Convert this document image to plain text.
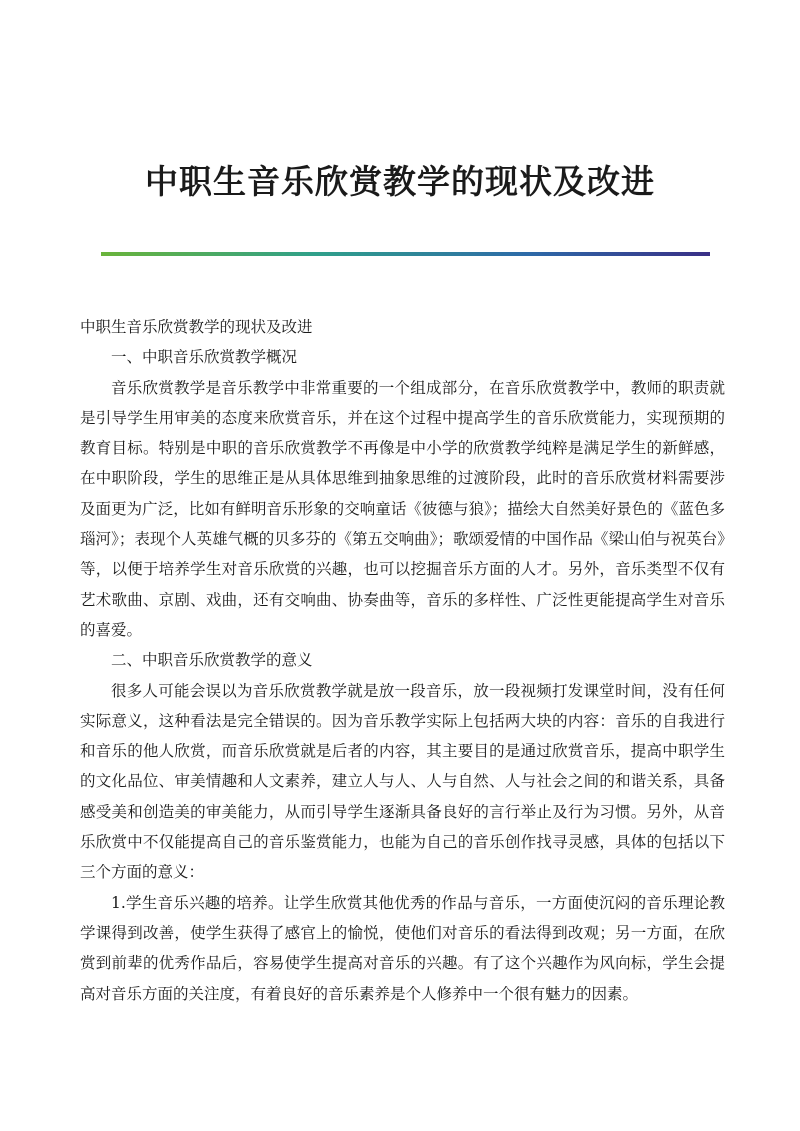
中职生音乐欣赏教学的现状及改进

中职生音乐欣赏教学的现状及改进

一、中职音乐欣赏教学概况

音乐欣赏教学是音乐教学中非常重要的一个组成部分，在音乐欣赏教学中，教师的职责就是引导学生用审美的态度来欣赏音乐，并在这个过程中提高学生的音乐欣赏能力，实现预期的教育目标。特别是中职的音乐欣赏教学不再像是中小学的欣赏教学纯粹是满足学生的新鲜感，在中职阶段，学生的思维正是从具体思维到抽象思维的过渡阶段，此时的音乐欣赏材料需要涉及面更为广泛，比如有鲜明音乐形象的交响童话《彼德与狼》；描绘大自然美好景色的《蓝色多瑙河》；表现个人英雄气概的贝多芬的《第五交响曲》；歌颂爱情的中国作品《梁山伯与祝英台》等，以便于培养学生对音乐欣赏的兴趣，也可以挖掘音乐方面的人才。另外，音乐类型不仅有艺术歌曲、京剧、戏曲，还有交响曲、协奏曲等，音乐的多样性、广泛性更能提高学生对音乐的喜爱。

二、中职音乐欣赏教学的意义

很多人可能会误以为音乐欣赏教学就是放一段音乐，放一段视频打发课堂时间，没有任何实际意义，这种看法是完全错误的。因为音乐教学实际上包括两大块的内容：音乐的自我进行和音乐的他人欣赏，而音乐欣赏就是后者的内容，其主要目的是通过欣赏音乐，提高中职学生的文化品位、审美情趣和人文素养，建立人与人、人与自然、人与社会之间的和谐关系，具备感受美和创造美的审美能力，从而引导学生逐渐具备良好的言行举止及行为习惯。另外，从音乐欣赏中不仅能提高自己的音乐鉴赏能力，也能为自己的音乐创作找寻灵感，具体的包括以下三个方面的意义：

1.学生音乐兴趣的培养。让学生欣赏其他优秀的作品与音乐，一方面使沉闷的音乐理论教学课得到改善，使学生获得了感官上的愉悦，使他们对音乐的看法得到改观；另一方面，在欣赏到前辈的优秀作品后，容易使学生提高对音乐的兴趣。有了这个兴趣作为风向标，学生会提高对音乐方面的关注度，有着良好的音乐素养是个人修养中一个很有魅力的因素。
